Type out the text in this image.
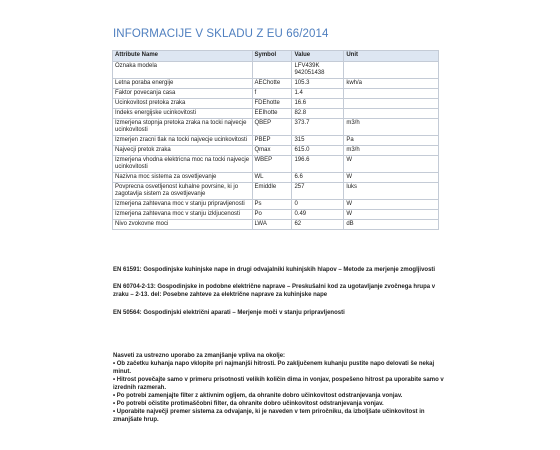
INFORMACIJE V SKLADU Z EU 66/2014
Attribute Name	Symbol	Value	Unit
Oznaka modela		LFV439K 942051438	
Letna poraba energije	AEChotte	105.3	kwh/a
Faktor povecanja casa	f	1.4	
Ucinkovitost pretoka zraka	FDEhotte	16.6	
Indeks energijske ucinkovitosti	EEIhotte	82.8	
Izmerjena stopnja pretoka zraka na tocki najvecje ucinkovitosti	QBEP	373.7	m3/h
Izmerjen zracni tlak na tocki najvecje ucinkovitosti	PBEP	315	Pa
Najvecji pretok zraka	Qmax	615.0	m3/h
Izmerjena vhodna elektricna moc na tocki najvecje ucinkovitosti	WBEP	196.6	W
Nazivna moc sistema za osvetljevanje	WL	6.6	W
Povprecna osvetljenost kuhalne povrsine, ki jo zagotavlja sistem za osvetljevanje	Emiddle	257	luks
Izmerjena zahtevana moc v stanju pripravljenosti	Ps	0	W
Izmerjena zahtevana moc v stanju izkljucenosti	Po	0.49	W
Nivo zvokovne moci	LWA	62	dB
EN 61591: Gospodinjske kuhinjske nape in drugi odvajalniki kuhinjskih hlapov – Metode za merjenje zmogljivosti
EN 60704-2-13: Gospodinjske in podobne električne naprave – Preskušalni kod za ugotavljanje zvočnega hrupa v zraku – 2-13. del: Posebne zahteve za električne naprave za kuhinjske nape
EN 50564: Gospodinjski električni aparati – Merjenje moči v stanju pripravljenosti
Nasveti za ustrezno uporabo za zmanjšanje vpliva na okolje:
• Ob začetku kuhanja napo vklopite pri najmanjši hitrosti. Po zaključenem kuhanju pustite napo delovati še nekaj minut.
• Hitrost povečajte samo v primeru prisotnosti velikih količin dima in vonjav, pospešeno hitrost pa uporabite samo v izrednih razmerah.
• Po potrebi zamenjajte filter z aktivnim ogljem, da ohranite dobro učinkovitost odstranjevanja vonjav.
• Po potrebi očistite protimaščobni filter, da ohranite dobro učinkovitost odstranjevanja vonjav.
• Uporabite največji premer sistema za odvajanje, ki je naveden v tem priročniku, da izboljšate učinkovitost in zmanjšate hrup.
